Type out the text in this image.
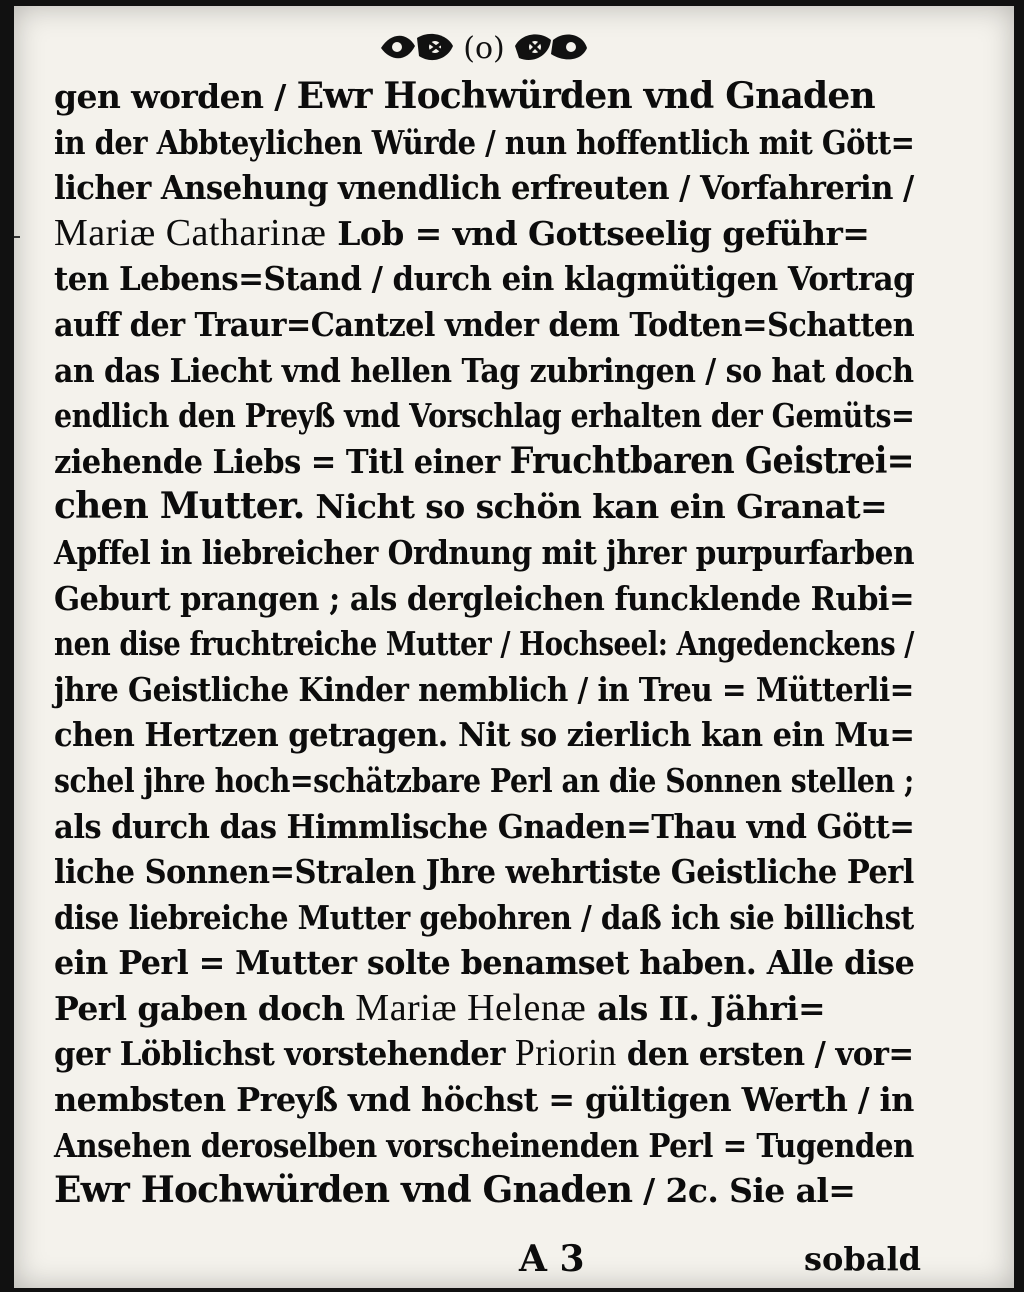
(o)
gen worden / Ewr Hochwürden vnd Gnaden
in der Abbteylichen Würde / nun hoffentlich mit Gött=
licher Ansehung vnendlich erfreuten / Vorfahrerin /
Mariæ Catharinæ Lob = vnd Gottseelig geführ=
ten Lebens=Stand / durch ein klagmütigen Vortrag
auff der Traur=Cantzel vnder dem Todten=Schatten
an das Liecht vnd hellen Tag zubringen / so hat doch
endlich den Preyß vnd Vorschlag erhalten der Gemüts=
ziehende Liebs = Titl einer Fruchtbaren Geistrei=
chen Mutter. Nicht so schön kan ein Granat=
Apffel in liebreicher Ordnung mit jhrer purpurfarben
Geburt prangen ; als dergleichen funcklende Rubi=
nen dise fruchtreiche Mutter / Hochseel: Angedenckens /
jhre Geistliche Kinder nemblich / in Treu = Mütterli=
chen Hertzen getragen. Nit so zierlich kan ein Mu=
schel jhre hoch=schätzbare Perl an die Sonnen stellen ;
als durch das Himmlische Gnaden=Thau vnd Gött=
liche Sonnen=Stralen Jhre wehrtiste Geistliche Perl
dise liebreiche Mutter gebohren / daß ich sie billichst
ein Perl = Mutter solte benamset haben. Alle dise
Perl gaben doch Mariæ Helenæ als II. Jähri=
ger Löblichst vorstehender Priorin den ersten / vor=
nembsten Preyß vnd höchst = gültigen Werth / in
Ansehen deroselben vorscheinenden Perl = Tugenden
Ewr Hochwürden vnd Gnaden / 2c. Sie al=
A 3	sobald
